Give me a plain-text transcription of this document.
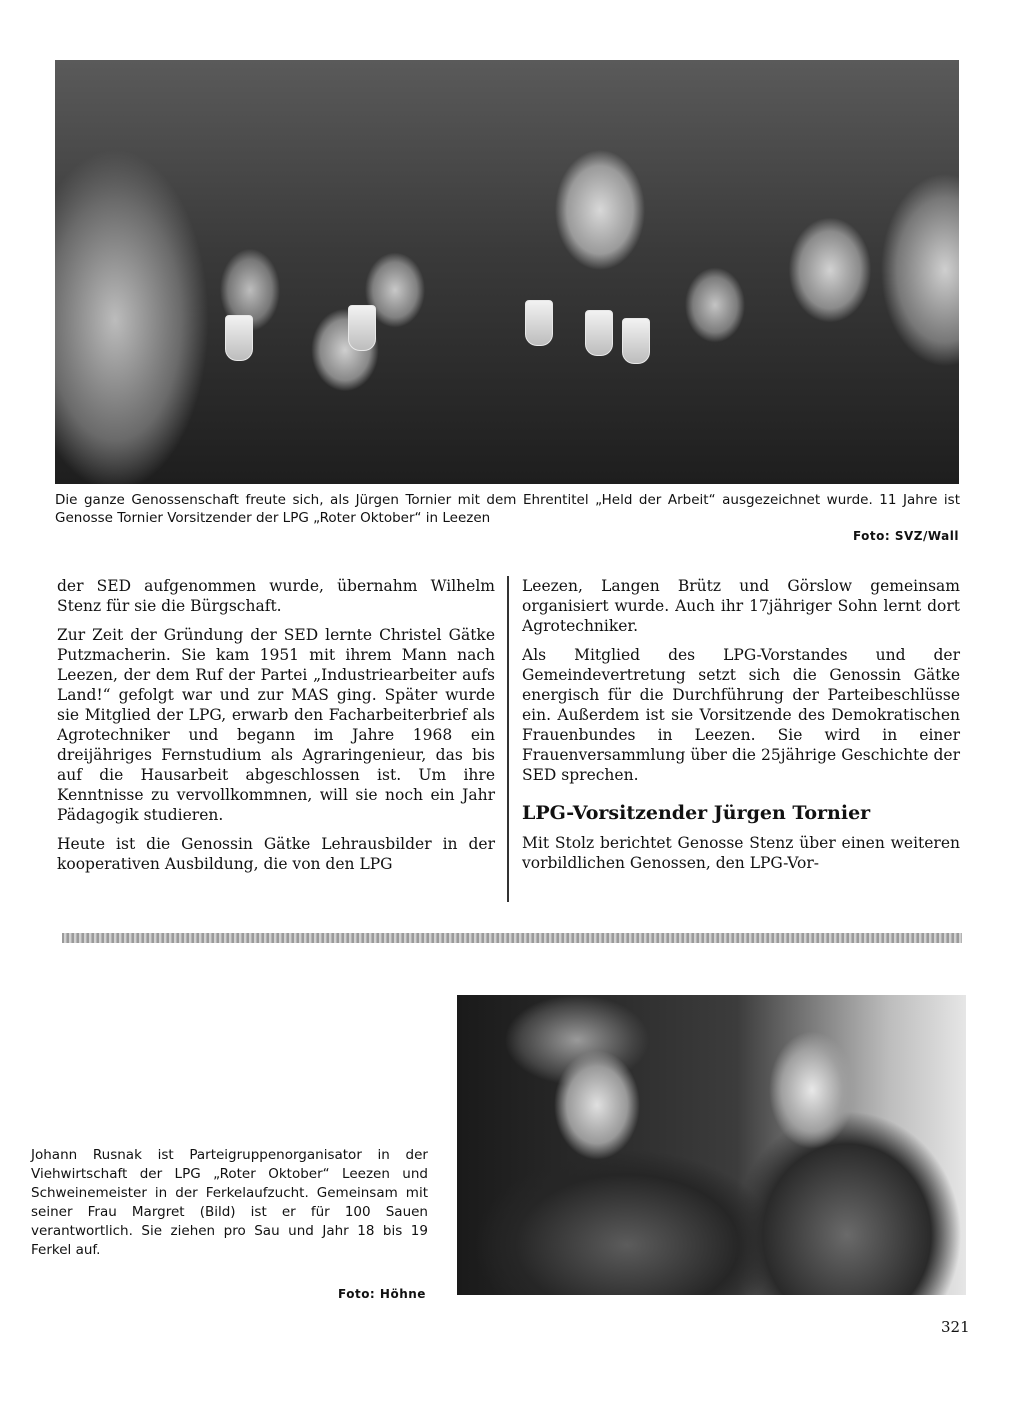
Die ganze Genossenschaft freute sich, als Jürgen Tornier mit dem Ehrentitel „Held der Arbeit“ ausgezeichnet wurde. 11 Jahre ist Genosse Tornier Vorsitzender der LPG „Roter Oktober“ in Leezen
Foto: SVZ/Wall

der SED aufgenommen wurde, übernahm Wilhelm Stenz für sie die Bürgschaft.

Zur Zeit der Gründung der SED lernte Christel Gätke Putzmacherin. Sie kam 1951 mit ihrem Mann nach Leezen, der dem Ruf der Partei „Industriearbeiter aufs Land!“ gefolgt war und zur MAS ging. Später wurde sie Mitglied der LPG, erwarb den Facharbeiterbrief als Agrotechniker und begann im Jahre 1968 ein dreijähriges Fernstudium als Agraringenieur, das bis auf die Hausarbeit abgeschlossen ist. Um ihre Kenntnisse zu vervollkommnen, will sie noch ein Jahr Pädagogik studieren.

Heute ist die Genossin Gätke Lehrausbilder in der kooperativen Ausbildung, die von den LPG

Leezen, Langen Brütz und Görslow gemeinsam organisiert wurde. Auch ihr 17jähriger Sohn lernt dort Agrotechniker.

Als Mitglied des LPG-Vorstandes und der Gemeindevertretung setzt sich die Genossin Gätke energisch für die Durchführung der Parteibeschlüsse ein. Außerdem ist sie Vorsitzende des Demokratischen Frauenbundes in Leezen. Sie wird in einer Frauenversammlung über die 25jährige Geschichte der SED sprechen.

LPG-Vorsitzender Jürgen Tornier

Mit Stolz berichtet Genosse Stenz über einen weiteren vorbildlichen Genossen, den LPG-Vor-

Johann Rusnak ist Parteigruppenorganisator in der Viehwirtschaft der LPG „Roter Oktober“ Leezen und Schweinemeister in der Ferkelaufzucht. Gemeinsam mit seiner Frau Margret (Bild) ist er für 100 Sauen verantwortlich. Sie ziehen pro Sau und Jahr 18 bis 19 Ferkel auf.
Foto: Höhne
321
